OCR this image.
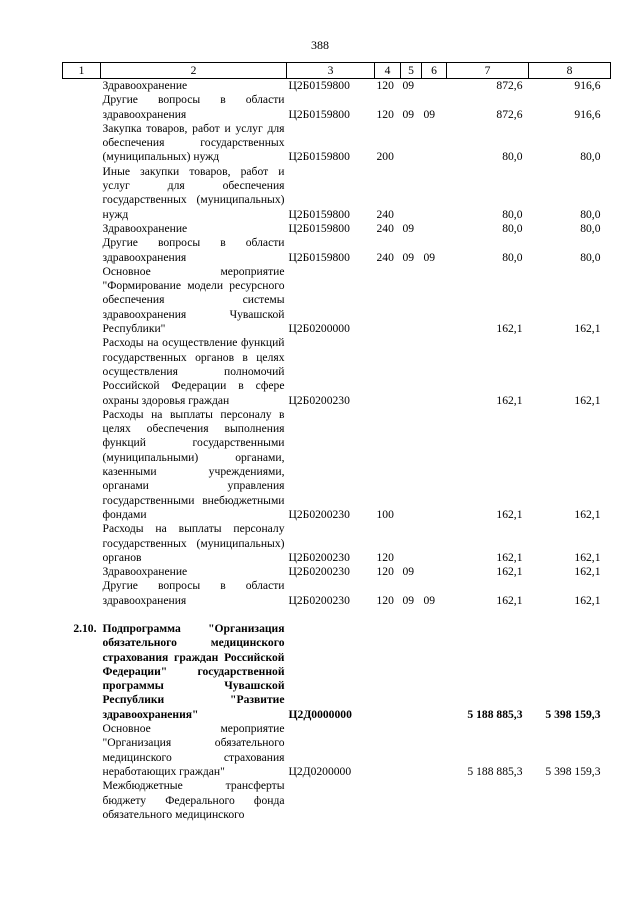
388
1	2	3	4	5	6	7	8
	Здравоохранение	Ц2Б0159800	120	09		872,6	916,6
	Другие вопросы в области здравоохранения	Ц2Б0159800	120	09	09	872,6	916,6
	Закупка товаров, работ и услуг для обеспечения государственных (муниципальных) нужд	Ц2Б0159800	200			80,0	80,0
	Иные закупки товаров, работ и услуг для обеспечения государственных (муниципальных) нужд	Ц2Б0159800	240			80,0	80,0
	Здравоохранение	Ц2Б0159800	240	09		80,0	80,0
	Другие вопросы в области здравоохранения	Ц2Б0159800	240	09	09	80,0	80,0
	Основное мероприятие "Формирование модели ресурсного обеспечения системы здравоохранения Чувашской Республики"	Ц2Б0200000				162,1	162,1
	Расходы на осуществление функций государственных органов в целях осуществления полномочий Российской Федерации в сфере охраны здоровья граждан	Ц2Б0200230				162,1	162,1
	Расходы на выплаты персоналу в целях обеспечения выполнения функций государственными (муниципальными) органами, казенными учреждениями, органами управления государственными внебюджетными фондами	Ц2Б0200230	100			162,1	162,1
	Расходы на выплаты персоналу государственных (муниципальных) органов	Ц2Б0200230	120			162,1	162,1
	Здравоохранение	Ц2Б0200230	120	09		162,1	162,1
	Другие вопросы в области здравоохранения	Ц2Б0200230	120	09	09	162,1	162,1

2.10.	Подпрограмма "Организация обязательного медицинского страхования граждан Российской Федерации" государственной программы Чувашской Республики "Развитие здравоохранения"	Ц2Д0000000				5 188 885,3	5 398 159,3
	Основное мероприятие "Организация обязательного медицинского страхования неработающих граждан"	Ц2Д0200000				5 188 885,3	5 398 159,3
	Межбюджетные трансферты бюджету Федерального фонда обязательного медицинского						
